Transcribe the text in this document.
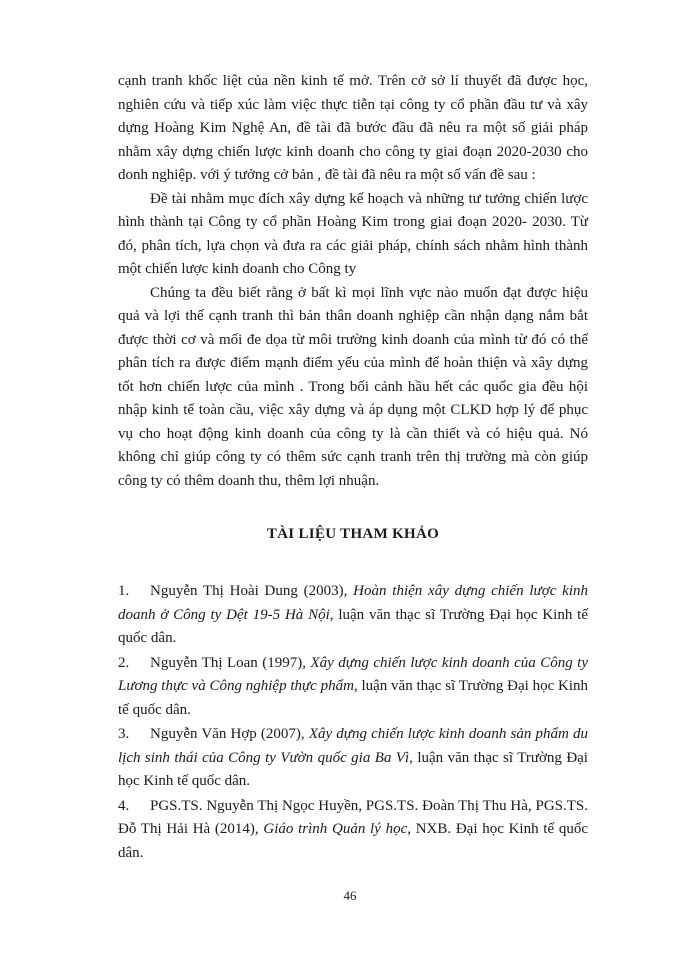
cạnh tranh khốc liệt của nền kinh tế mở. Trên cở sở lí thuyết đã được học, nghiên cứu và tiếp xúc làm việc thực tiễn tại công ty cổ phần đầu tư và xây dựng Hoàng Kim Nghệ An, đề tài đã bước đầu đã nêu ra một số giải pháp nhằm xây dựng chiến lược kinh doanh cho công ty giai đoạn 2020-2030 cho donh nghiệp. với ý tưởng cở bản , đề tài đã nêu ra một số vấn đề sau :

Đề tài nhằm mục đích xây dựng kế hoạch và những tư tưởng chiến lược hình thành tại Công ty cổ phần Hoàng Kim trong giai đoạn 2020- 2030. Từ đó, phân tích, lựa chọn và đưa ra các giải pháp, chính sách nhằm hình thành một chiến lược kinh doanh cho Công ty

Chúng ta đều biết rằng ở bất kì mọi lĩnh vực nào muốn đạt được hiệu quả và lợi thế cạnh tranh thì bản thân doanh nghiệp cần nhận dạng nắm bắt được thời cơ và mối đe dọa từ môi trường kinh doanh của mình từ đó có thể phân tích ra được điểm mạnh điểm yếu của mình để hoàn thiện và xây dựng tốt hơn chiến lược của mình . Trong bối cảnh hầu hết các quốc gia đều hội nhập kinh tế toàn cầu, việc xây dựng và áp dụng một CLKD hợp lý để phục vụ cho hoạt động kinh doanh của công ty là cần thiết và có hiệu quả. Nó không chỉ giúp công ty có thêm sức cạnh tranh trên thị trường mà còn giúp công ty có thêm doanh thu, thêm lợi nhuận.

TÀI LIỆU THAM KHẢO

1. Nguyễn Thị Hoài Dung (2003), Hoàn thiện xây dựng chiến lược kinh doanh ở Công ty Dệt 19-5 Hà Nội, luận văn thạc sĩ Trường Đại học Kinh tế quốc dân.

2. Nguyễn Thị Loan (1997), Xây dựng chiến lược kinh doanh của Công ty Lương thực và Công nghiệp thực phẩm, luận văn thạc sĩ Trường Đại học Kinh tế quốc dân.

3. Nguyễn Văn Hợp (2007), Xây dựng chiến lược kinh doanh sản phẩm du lịch sinh thái của Công ty Vườn quốc gia Ba Vì, luận văn thạc sĩ Trường Đại học Kinh tế quốc dân.

4. PGS.TS. Nguyễn Thị Ngọc Huyền, PGS.TS. Đoàn Thị Thu Hà, PGS.TS. Đỗ Thị Hải Hà (2014), Giáo trình Quản lý học, NXB. Đại học Kinh tế quốc dân.

46
